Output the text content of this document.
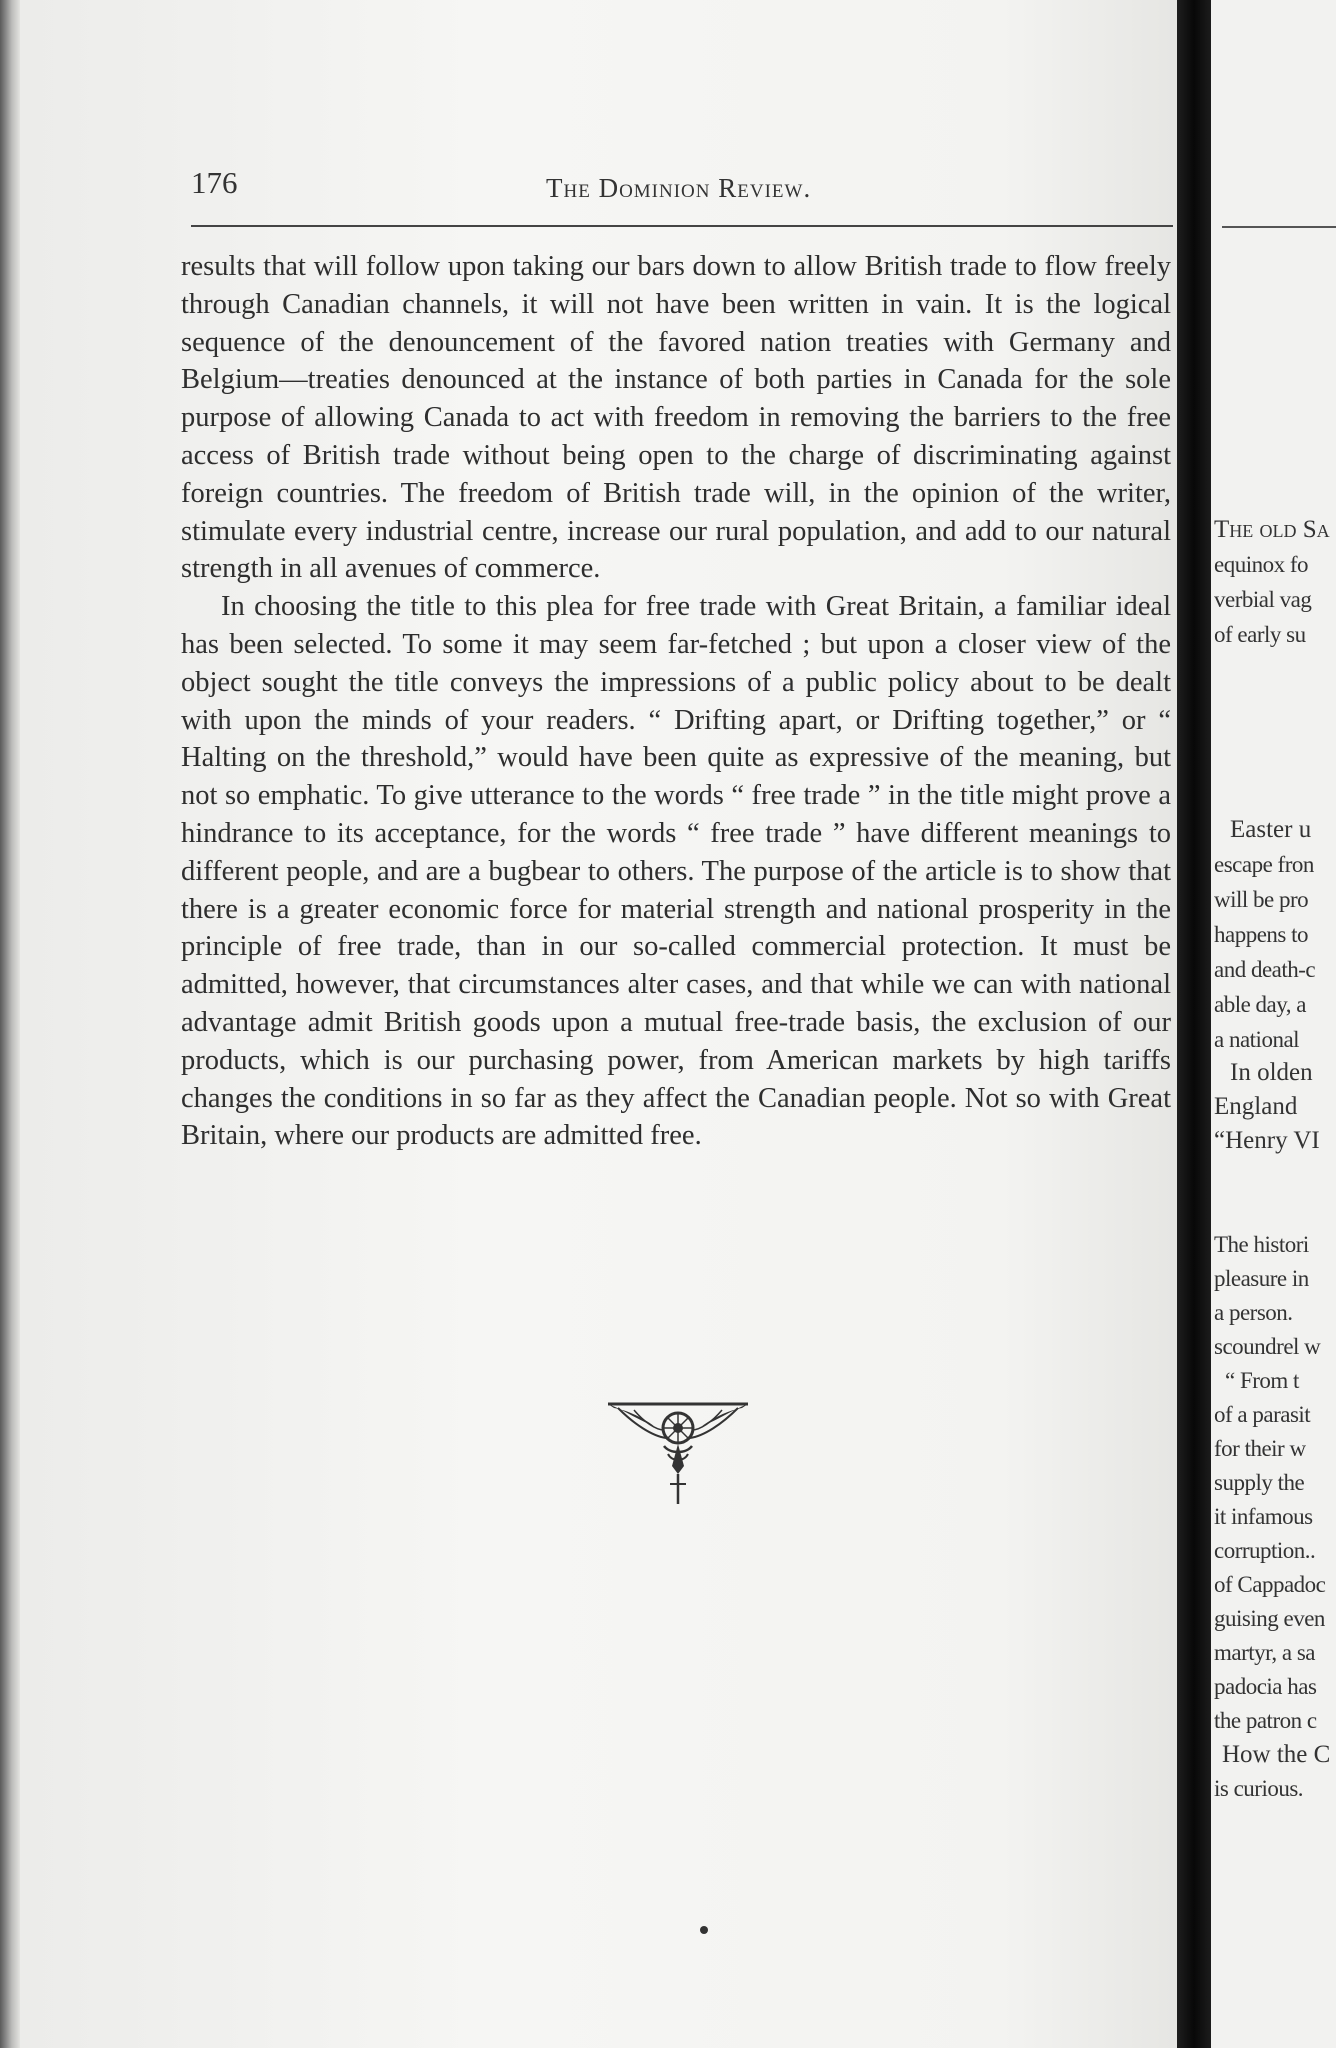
176	The Dominion Review.

results that will follow upon taking our bars down to allow British trade to flow freely through Canadian channels, it will not have been written in vain. It is the logical sequence of the denouncement of the favored nation treaties with Germany and Belgium—treaties denounced at the instance of both parties in Canada for the sole purpose of allowing Canada to act with freedom in removing the barriers to the free access of British trade without being open to the charge of discriminating against foreign countries. The freedom of British trade will, in the opinion of the writer, stimulate every industrial centre, increase our rural population, and add to our natural strength in all avenues of commerce.

In choosing the title to this plea for free trade with Great Britain, a familiar ideal has been selected. To some it may seem far-fetched ; but upon a closer view of the object sought the title conveys the impressions of a public policy about to be dealt with upon the minds of your readers. “ Drifting apart, or Drifting together,” or “ Halting on the threshold,” would have been quite as expressive of the meaning, but not so emphatic. To give utterance to the words “ free trade ” in the title might prove a hindrance to its acceptance, for the words “ free trade ” have different meanings to different people, and are a bugbear to others. The purpose of the article is to show that there is a greater economic force for material strength and national prosperity in the principle of free trade, than in our so-called commercial protection. It must be admitted, however, that circumstances alter cases, and that while we can with national advantage admit British goods upon a mutual free-trade basis, the exclusion of our products, which is our purchasing power, from American markets by high tariffs changes the conditions in so far as they affect the Canadian people. Not so with Great Britain, where our products are admitted free.

The old Sa
equinox fo
verbial vag
of early su
Easter u
escape fron
will be pro
happens to
and death-c
able day, a
a national
In olden
England
“Henry VI
The histori
pleasure in
a person.
scoundrel w
“ From t
of a parasit
for their w
supply the
it infamous
corruption..
of Cappadoc
guising even
martyr, a sa
padocia has
the patron c
How the C
is curious.
